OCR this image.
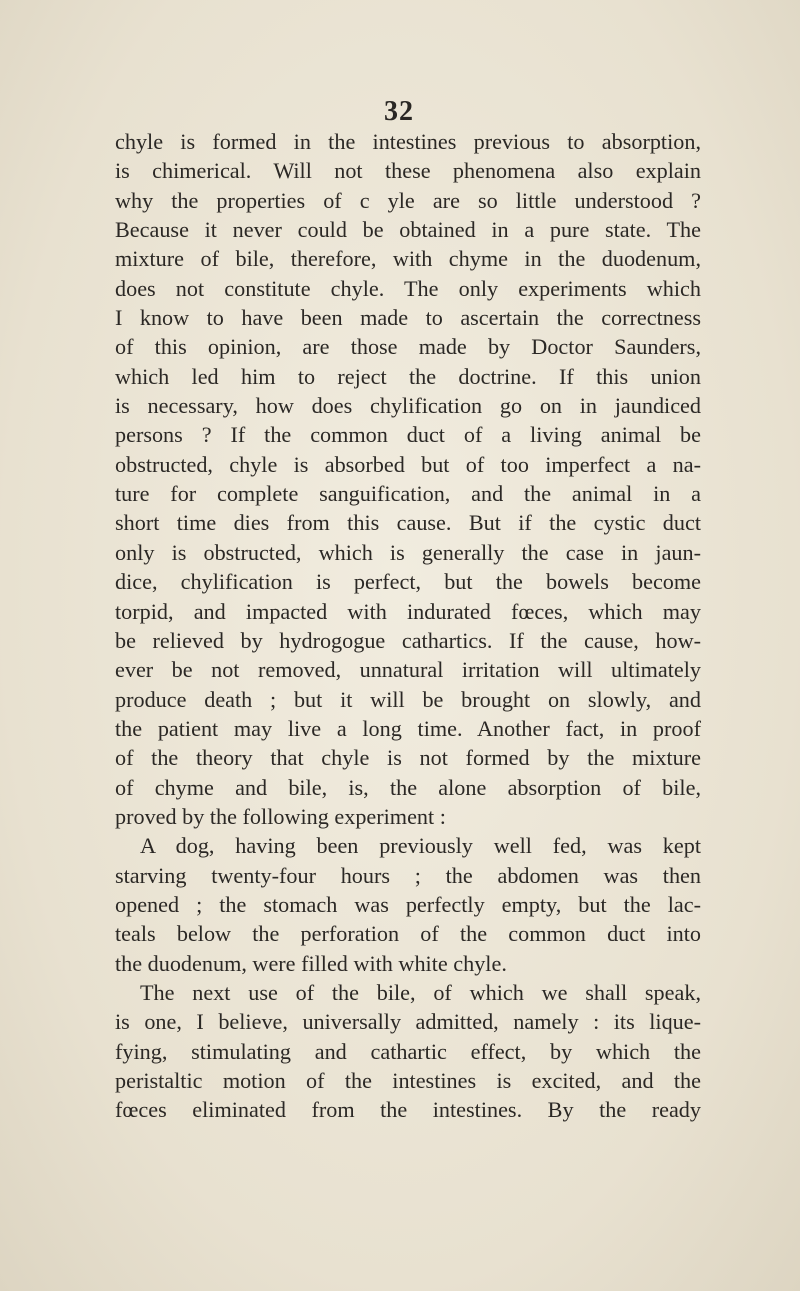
32
chyle is formed in the intestines previous to absorption,
is chimerical. Will not these phenomena also explain
why the properties of c yle are so little understood ?
Because it never could be obtained in a pure state. The
mixture of bile, therefore, with chyme in the duodenum,
does not constitute chyle. The only experiments which
I know to have been made to ascertain the correctness
of this opinion, are those made by Doctor Saunders,
which led him to reject the doctrine. If this union
is necessary, how does chylification go on in jaundiced
persons ? If the common duct of a living animal be
obstructed, chyle is absorbed but of too imperfect a na-
ture for complete sanguification, and the animal in a
short time dies from this cause. But if the cystic duct
only is obstructed, which is generally the case in jaun-
dice, chylification is perfect, but the bowels become
torpid, and impacted with indurated fœces, which may
be relieved by hydrogogue cathartics. If the cause, how-
ever be not removed, unnatural irritation will ultimately
produce death ; but it will be brought on slowly, and
the patient may live a long time. Another fact, in proof
of the theory that chyle is not formed by the mixture
of chyme and bile, is, the alone absorption of bile,
proved by the following experiment :
A dog, having been previously well fed, was kept
starving twenty-four hours ; the abdomen was then
opened ; the stomach was perfectly empty, but the lac-
teals below the perforation of the common duct into
the duodenum, were filled with white chyle.
The next use of the bile, of which we shall speak,
is one, I believe, universally admitted, namely : its lique-
fying, stimulating and cathartic effect, by which the
peristaltic motion of the intestines is excited, and the
fœces eliminated from the intestines. By the ready
